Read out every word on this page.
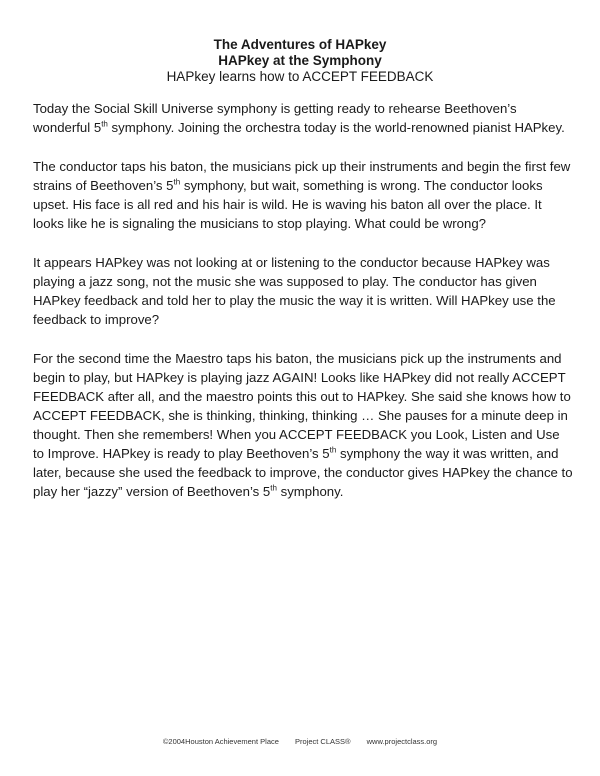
The Adventures of HAPkey

HAPkey at the Symphony

HAPkey learns how to ACCEPT FEEDBACK

Today the Social Skill Universe symphony is getting ready to rehearse Beethoven’s wonderful 5th symphony. Joining the orchestra today is the world-renowned pianist HAPkey.

The conductor taps his baton, the musicians pick up their instruments and begin the first few strains of Beethoven’s 5th symphony, but wait, something is wrong. The conductor looks upset. His face is all red and his hair is wild. He is waving his baton all over the place. It looks like he is signaling the musicians to stop playing. What could be wrong?

It appears HAPkey was not looking at or listening to the conductor because HAPkey was playing a jazz song, not the music she was supposed to play. The conductor has given HAPkey feedback and told her to play the music the way it is written. Will HAPkey use the feedback to improve?

For the second time the Maestro taps his baton, the musicians pick up the instruments and begin to play, but HAPkey is playing jazz AGAIN! Looks like HAPkey did not really ACCEPT FEEDBACK after all, and the maestro points this out to HAPkey. She said she knows how to ACCEPT FEEDBACK, she is thinking, thinking, thinking … She pauses for a minute deep in thought. Then she remembers! When you ACCEPT FEEDBACK you Look, Listen and Use to Improve. HAPkey is ready to play Beethoven’s 5th symphony the way it was written, and later, because she used the feedback to improve, the conductor gives HAPkey the chance to play her “jazzy” version of Beethoven’s 5th symphony.

©2004Houston Achievement Place Project CLASS® www.projectclass.org
